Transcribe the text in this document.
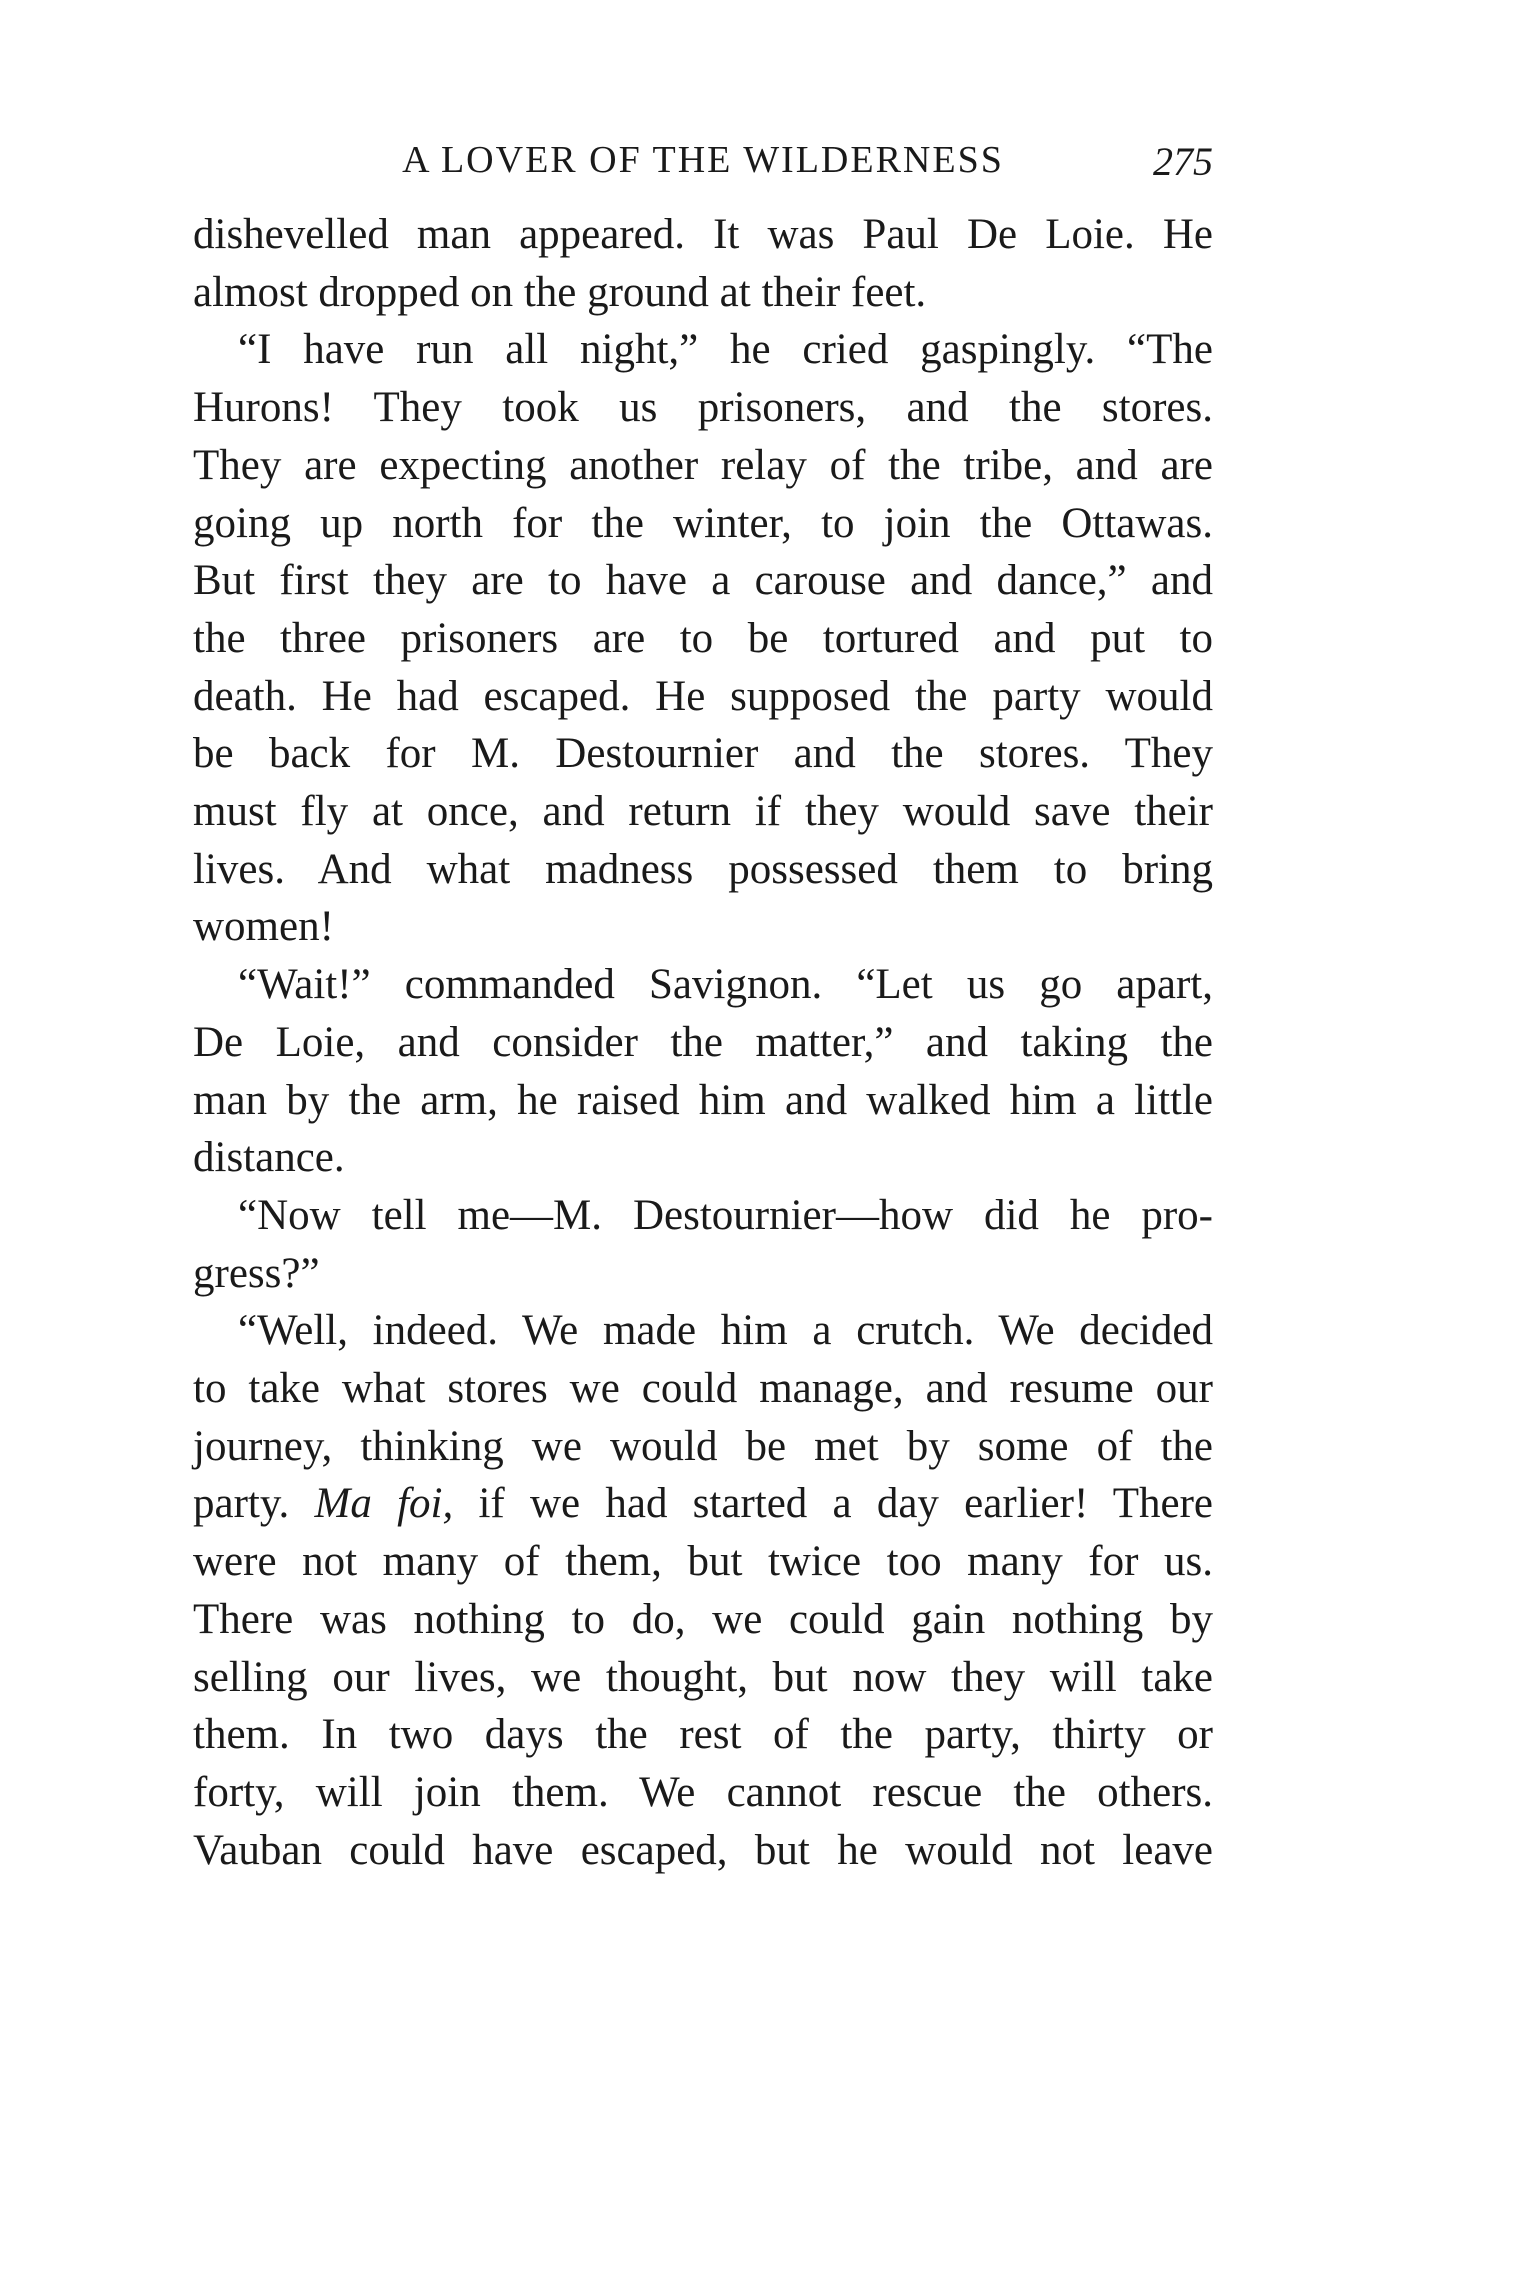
A LOVER OF THE WILDERNESS	275
dishevelled man appeared. It was Paul De Loie. He
almost dropped on the ground at their feet.
“I have run all night,” he cried gaspingly. “The
Hurons! They took us prisoners, and the stores.
They are expecting another relay of the tribe, and are
going up north for the winter, to join the Ottawas.
But first they are to have a carouse and dance,” and
the three prisoners are to be tortured and put to
death. He had escaped. He supposed the party would
be back for M. Destournier and the stores. They
must fly at once, and return if they would save their
lives. And what madness possessed them to bring
women!
“Wait!” commanded Savignon. “Let us go apart,
De Loie, and consider the matter,” and taking the
man by the arm, he raised him and walked him a little
distance.
“Now tell me—M. Destournier—how did he pro-
gress?”
“Well, indeed. We made him a crutch. We decided
to take what stores we could manage, and resume our
journey, thinking we would be met by some of the
party. Ma foi, if we had started a day earlier! There
were not many of them, but twice too many for us.
There was nothing to do, we could gain nothing by
selling our lives, we thought, but now they will take
them. In two days the rest of the party, thirty or
forty, will join them. We cannot rescue the others.
Vauban could have escaped, but he would not leave
